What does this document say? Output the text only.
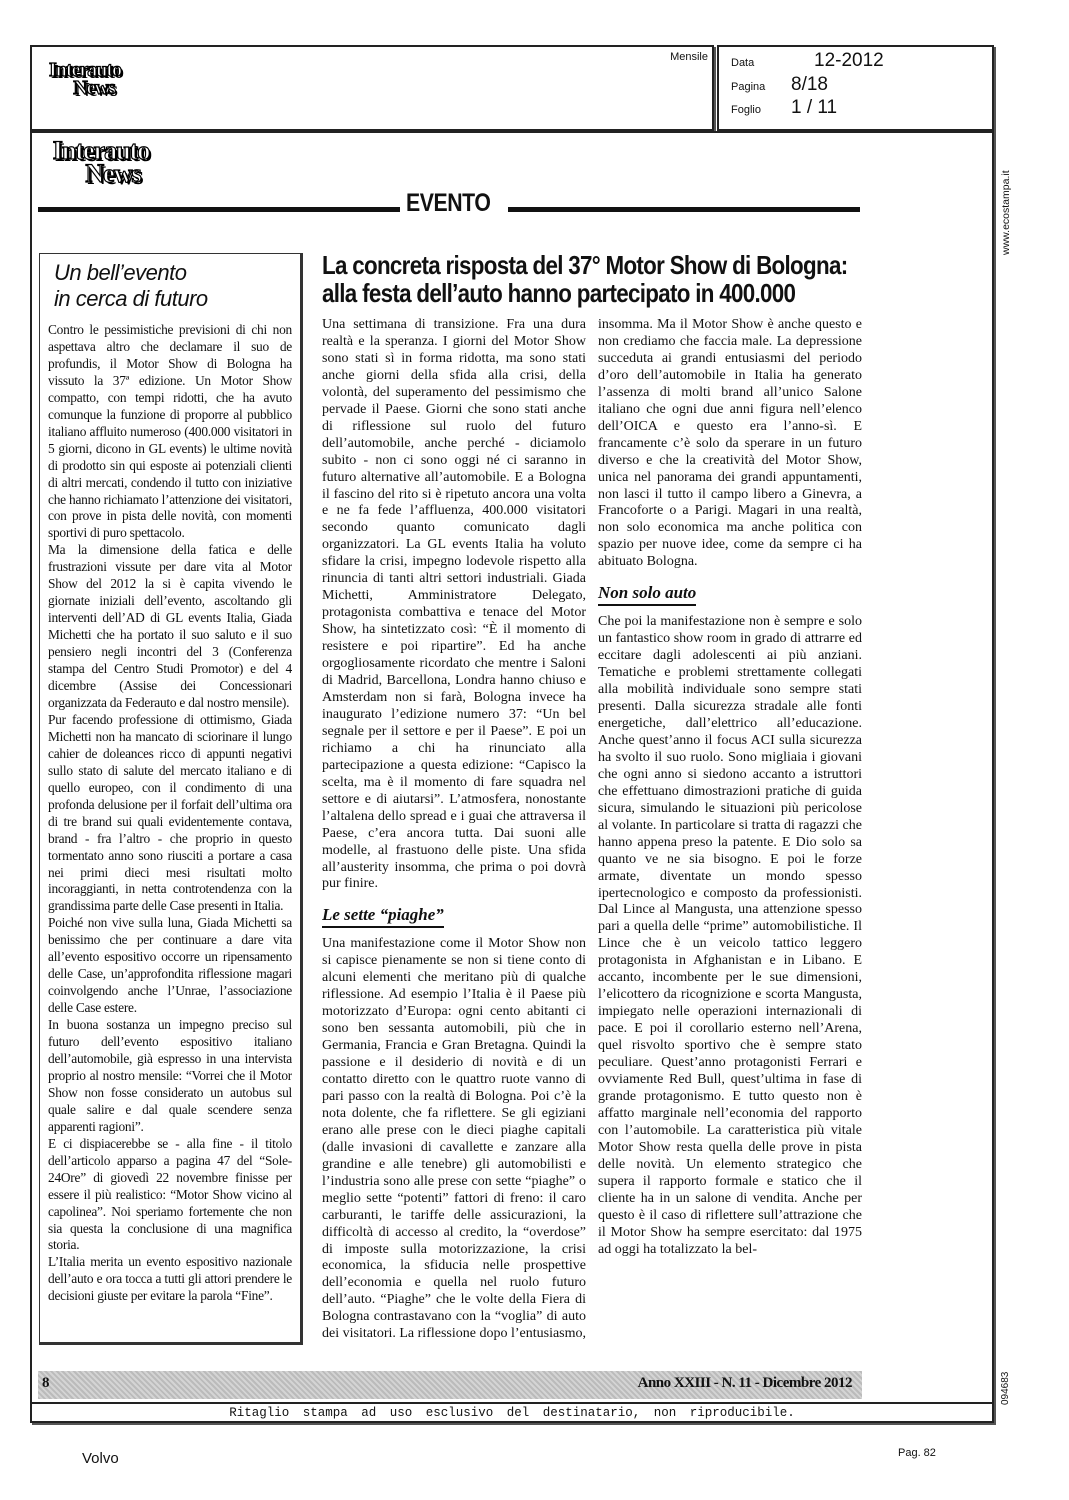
Interauto
News
Mensile Data	12-2012
Pagina 8/18
Foglio 1 / 11
www.ecostampa.it
094683
Interauto
News
EVENTO
Un bell’evento
in cerca di futuro

Contro le pessimistiche previsioni di chi non aspettava altro che declamare il suo de profundis, il Motor Show di Bologna ha vissuto la 37ª edizione. Un Motor Show compatto, con tempi ridotti, che ha avuto comunque la funzione di proporre al pubblico italiano affluito numeroso (400.000 visitatori in 5 giorni, dicono in GL events) le ultime novità di prodotto sin qui esposte ai potenziali clienti di altri mercati, condendo il tutto con iniziative che hanno richiamato l’attenzione dei visitatori, con prove in pista delle novità, con momenti sportivi di puro spettacolo.

Ma la dimensione della fatica e delle frustrazioni vissute per dare vita al Motor Show del 2012 la si è capita vivendo le giornate iniziali dell’evento, ascoltando gli interventi dell’AD di GL events Italia, Giada Michetti che ha portato il suo saluto e il suo pensiero negli incontri del 3 (Conferenza stampa del Centro Studi Promotor) e del 4 dicembre (Assise dei Concessionari organizzata da Federauto e dal nostro mensile).

Pur facendo professione di ottimismo, Giada Michetti non ha mancato di sciorinare il lungo cahier de doleances ricco di appunti negativi sullo stato di salute del mercato italiano e di quello europeo, con il condimento di una profonda delusione per il forfait dell’ultima ora di tre brand sui quali evidentemente contava, brand - fra l’altro - che proprio in questo tormentato anno sono riusciti a portare a casa nei primi dieci mesi risultati molto incoraggianti, in netta controtendenza con la grandissima parte delle Case presenti in Italia.

Poiché non vive sulla luna, Giada Michetti sa benissimo che per continuare a dare vita all’evento espositivo occorre un ripensamento delle Case, un’approfondita riflessione magari coinvolgendo anche l’Unrae, l’associazione delle Case estere.

In buona sostanza un impegno preciso sul futuro dell’evento espositivo italiano dell’automobile, già espresso in una intervista proprio al nostro mensile: “Vorrei che il Motor Show non fosse considerato un autobus sul quale salire e dal quale scendere senza apparenti ragioni”.

E ci dispiacerebbe se - alla fine - il titolo dell’articolo apparso a pagina 47 del “Sole-24Ore” di giovedì 22 novembre finisse per essere il più realistico: “Motor Show vicino al capolinea”. Noi speriamo fortemente che non sia questa la conclusione di una magnifica storia.

L’Italia merita un evento espositivo nazionale dell’auto e ora tocca a tutti gli attori prendere le decisioni giuste per evitare la parola “Fine”.

La concreta risposta del 37° Motor Show di Bologna:
alla festa dell’auto hanno partecipato in 400.000

Una settimana di transizione. Fra una dura realtà e la speranza. I giorni del Motor Show sono stati sì in forma ridotta, ma sono stati anche giorni della sfida alla crisi, della volontà, del superamento del pessimismo che pervade il Paese. Giorni che sono stati anche di riflessione sul ruolo del futuro dell’automobile, anche perché - diciamolo subito - non ci sono oggi né ci saranno in futuro alternative all’automobile. E a Bologna il fascino del rito si è ripetuto ancora una volta e ne fa fede l’affluenza, 400.000 visitatori secondo quanto comunicato dagli organizzatori. La GL events Italia ha voluto sfidare la crisi, impegno lodevole rispetto alla rinuncia di tanti altri settori industriali. Giada Michetti, Amministratore Delegato, protagonista combattiva e tenace del Motor Show, ha sintetizzato così: “È il momento di resistere e poi ripartire”. Ed ha anche orgogliosamente ricordato che mentre i Saloni di Madrid, Barcellona, Londra hanno chiuso e Amsterdam non si farà, Bologna invece ha inaugurato l’edizione numero 37: “Un bel segnale per il settore e per il Paese”. E poi un richiamo a chi ha rinunciato alla partecipazione a questa edizione: “Capisco la scelta, ma è il momento di fare squadra nel settore e di aiutarsi”. L’atmosfera, nonostante l’altalena dello spread e i guai che attraversa il Paese, c’era ancora tutta. Dai suoni alle modelle, al frastuono delle piste. Una sfida all’austerity insomma, che prima o poi dovrà pur finire.

Le sette “piaghe”

Una manifestazione come il Motor Show non si capisce pienamente se non si tiene conto di alcuni elementi che meritano più di qualche riflessione. Ad esempio l’Italia è il Paese più motorizzato d’Europa: ogni cento abitanti ci sono ben sessanta automobili, più che in Germania, Francia e Gran Bretagna. Quindi la passione e il desiderio di novità e di un contatto diretto con le quattro ruote vanno di pari passo con la realtà di Bologna. Poi c’è la nota dolente, che fa riflettere. Se gli egiziani erano alle prese con le dieci piaghe capitali (dalle invasioni di cavallette e zanzare alla grandine e alle tenebre) gli automobilisti e l’industria sono alle prese con sette “piaghe” o meglio sette “potenti” fattori di freno: il caro carburanti, le tariffe delle assicurazioni, la difficoltà di accesso al credito, la “overdose” di imposte sulla motorizzazione, la crisi economica, la sfiducia nelle prospettive dell’economia e quella nel ruolo futuro dell’auto. “Piaghe” che le volte della Fiera di Bologna contrastavano con la “voglia” di auto dei visitatori. La riflessione dopo l’entusiasmo, insomma. Ma il Motor Show è anche questo e non crediamo che faccia male. La depressione succeduta ai grandi entusiasmi del periodo d’oro dell’automobile in Italia ha generato l’assenza di molti brand all’unico Salone italiano che ogni due anni figura nell’elenco dell’OICA e questo era l’anno-sì. E francamente c’è solo da sperare in un futuro diverso e che la creatività del Motor Show, unica nel panorama dei grandi appuntamenti, non lasci il tutto il campo libero a Ginevra, a Francoforte o a Parigi. Magari in una realtà, non solo economica ma anche politica con spazio per nuove idee, come da sempre ci ha abituato Bologna.

Non solo auto

Che poi la manifestazione non è sempre e solo un fantastico show room in grado di attrarre ed eccitare dagli adolescenti ai più anziani. Tematiche e problemi strettamente collegati alla mobilità individuale sono sempre stati presenti. Dalla sicurezza stradale alle fonti energetiche, dall’elettrico all’educazione. Anche quest’anno il focus ACI sulla sicurezza ha svolto il suo ruolo. Sono migliaia i giovani che ogni anno si siedono accanto a istruttori che effettuano dimostrazioni pratiche di guida sicura, simulando le situazioni più pericolose al volante. In particolare si tratta di ragazzi che hanno appena preso la patente. E Dio solo sa quanto ve ne sia bisogno. E poi le forze armate, diventate un mondo spesso ipertecnologico e composto da professionisti. Dal Lince al Mangusta, una attenzione spesso pari a quella delle “prime” automobilistiche. Il Lince che è un veicolo tattico leggero protagonista in Afghanistan e in Libano. E accanto, incombente per le sue dimensioni, l’elicottero da ricognizione e scorta Mangusta, impiegato nelle operazioni internazionali di pace. E poi il corollario esterno nell’Arena, quel risvolto sportivo che è sempre stato peculiare. Quest’anno protagonisti Ferrari e ovviamente Red Bull, quest’ultima in fase di grande protagonismo. E tutto questo non è affatto marginale nell’economia del rapporto con l’automobile. La caratteristica più vitale Motor Show resta quella delle prove in pista delle novità. Un elemento strategico che supera il rapporto formale e statico che il cliente ha in un salone di vendita. Anche per questo è il caso di riflettere sull’attrazione che il Motor Show ha sempre esercitato: dal 1975 ad oggi ha totalizzato la bel-

8	Anno XXIII - N. 11 - Dicembre 2012
Ritaglio stampa ad uso esclusivo del destinatario, non riproducibile.
Volvo	Pag. 82
